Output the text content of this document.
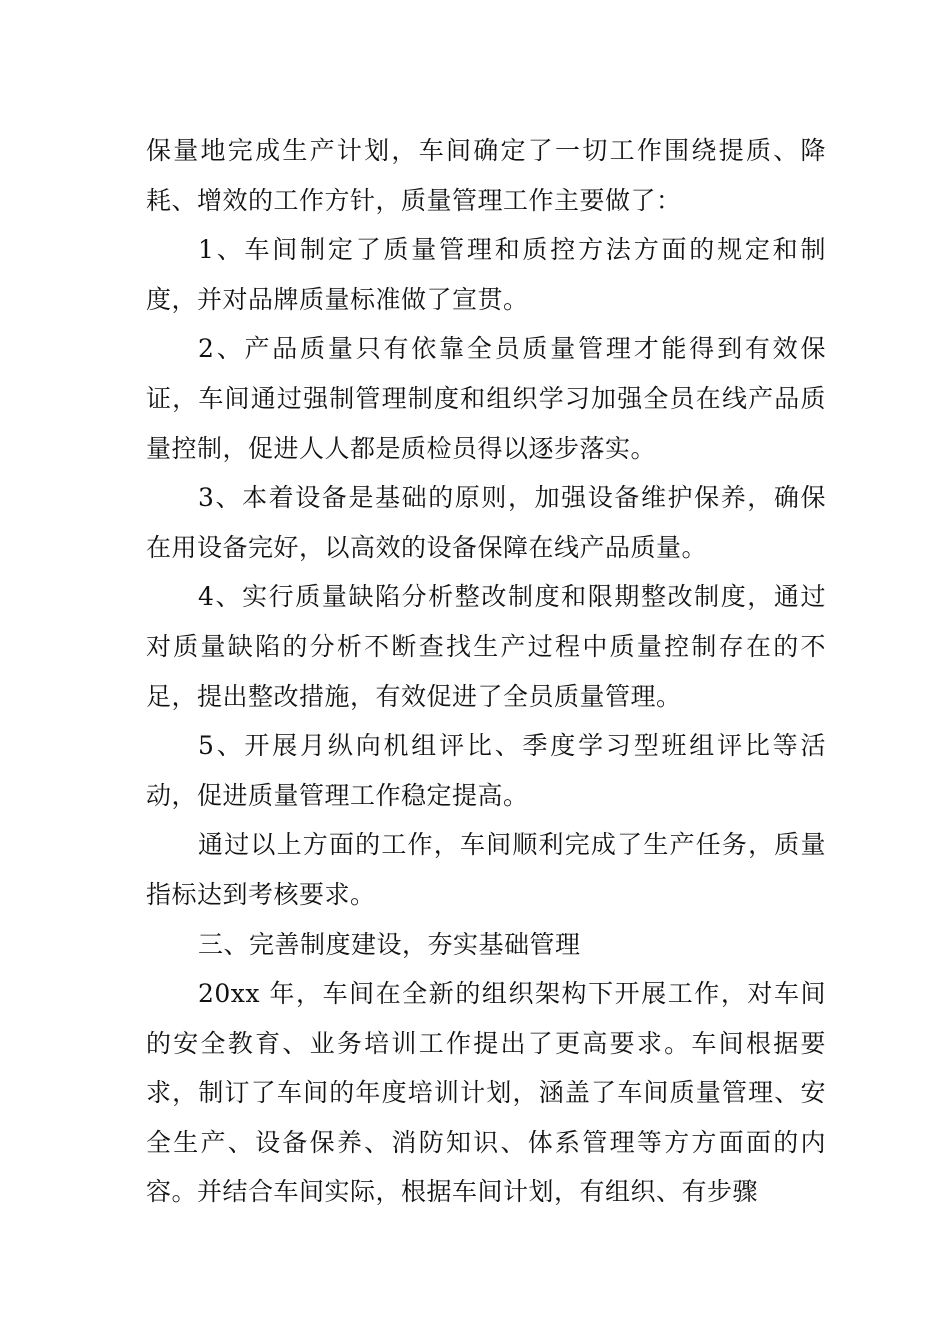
保量地完成生产计划，车间确定了一切工作围绕提质、降耗、增效的工作方针，质量管理工作主要做了：

1、车间制定了质量管理和质控方法方面的规定和制度，并对品牌质量标准做了宣贯。

2、产品质量只有依靠全员质量管理才能得到有效保证，车间通过强制管理制度和组织学习加强全员在线产品质量控制，促进人人都是质检员得以逐步落实。

3、本着设备是基础的原则，加强设备维护保养，确保在用设备完好，以高效的设备保障在线产品质量。

4、实行质量缺陷分析整改制度和限期整改制度，通过对质量缺陷的分析不断查找生产过程中质量控制存在的不足，提出整改措施，有效促进了全员质量管理。

5、开展月纵向机组评比、季度学习型班组评比等活动，促进质量管理工作稳定提高。

通过以上方面的工作，车间顺利完成了生产任务，质量指标达到考核要求。

三、完善制度建设，夯实基础管理

20xx 年，车间在全新的组织架构下开展工作，对车间的安全教育、业务培训工作提出了更高要求。车间根据要求，制订了车间的年度培训计划，涵盖了车间质量管理、安全生产、设备保养、消防知识、体系管理等方方面面的内容。并结合车间实际，根据车间计划，有组织、有步骤
